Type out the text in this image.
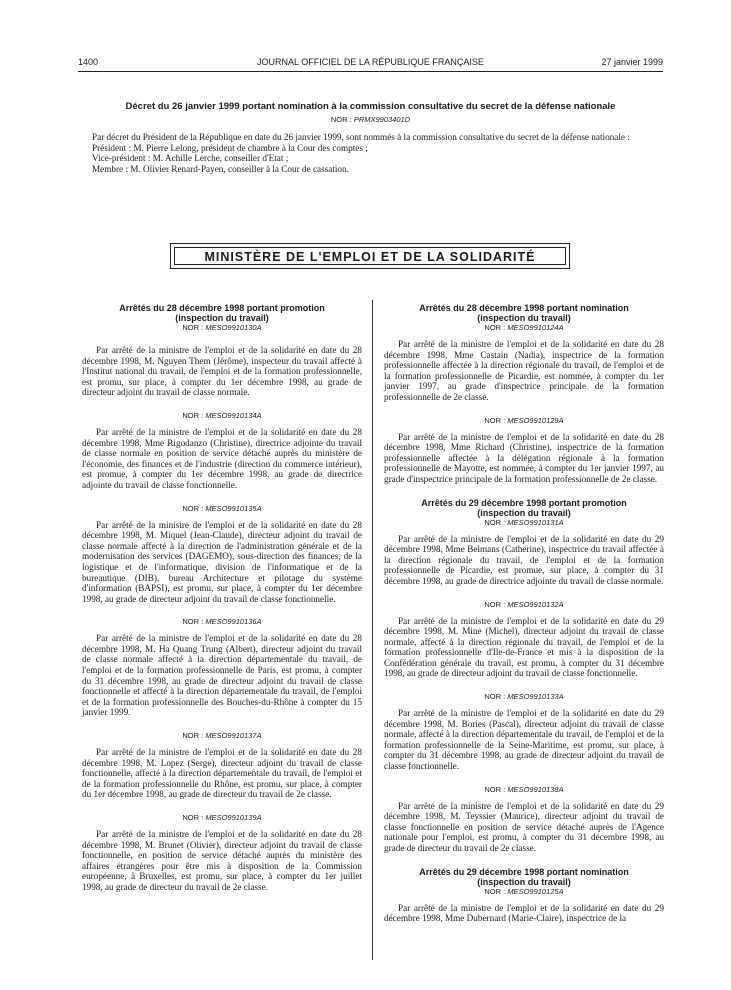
1400	JOURNAL OFFICIEL DE LA RÉPUBLIQUE FRANÇAISE	27 janvier 1999
Décret du 26 janvier 1999 portant nomination à la commission consultative du secret de la défense nationale
NOR : PRMX9903401D

Par décret du Président de la République en date du 26 janvier 1999, sont nommés à la commission consultative du secret de la défense nationale :

Président : M. Pierre Lelong, président de chambre à la Cour des comptes ;

Vice-président : M. Achille Lerche, conseiller d'Etat ;

Membre : M. Olivier Renard-Payen, conseiller à la Cour de cassation.

MINISTÈRE DE L'EMPLOI ET DE LA SOLIDARITÉ

Arrêtés du 28 décembre 1998 portant promotion

(inspection du travail)

NOR : MESO9910130A

Par arrêté de la ministre de l'emploi et de la solidarité en date du 28 décembre 1998, M. Nguyen Them (Jérôme), inspecteur du travail affecté à l'Institut national du travail, de l'emploi et de la formation professionnelle, est promu, sur place, à compter du 1er décembre 1998, au grade de directeur adjoint du travail de classe normale.

NOR : MESO9910134A

Par arrêté de la ministre de l'emploi et de la solidarité en date du 28 décembre 1998, Mme Rigodanzo (Christine), directrice adjointe du travail de classe normale en position de service détaché auprès du ministère de l'économie, des finances et de l'industrie (direction du commerce intérieur), est promue, à compter du 1er décembre 1998, au grade de directrice adjointe du travail de classe fonctionnelle.

NOR : MESO9910135A

Par arrêté de la ministre de l'emploi et de la solidarité en date du 28 décembre 1998, M. Miquel (Jean-Claude), directeur adjoint du travail de classe normale affecté à la direction de l'administration générale et de la modernisation des services (DAGEMO), sous-direction des finances, de la logistique et de l'informatique, division de l'informatique et de la bureautique (DIB), bureau Architecture et pilotage du système d'information (BAPSI), est promu, sur place, à compter du 1er décembre 1998, au grade de directeur adjoint du travail de classe fonctionnelle.

NOR : MESO9910136A

Par arrêté de la ministre de l'emploi et de la solidarité en date du 28 décembre 1998, M. Ha Quang Trung (Albert), directeur adjoint du travail de classe normale affecté à la direction départementale du travail, de l'emploi et de la formation professionnelle de Paris, est promu, à compter du 31 décembre 1998, au grade de directeur adjoint du travail de classe fonctionnelle et affecté à la direction départementale du travail, de l'emploi et de la formation professionnelle des Bouches-du-Rhône à compter du 15 janvier 1999.

NOR : MESO9910137A

Par arrêté de la ministre de l'emploi et de la solidarité en date du 28 décembre 1998, M. Lopez (Serge), directeur adjoint du travail de classe fonctionnelle, affecté à la direction départementale du travail, de l'emploi et de la formation professionnelle du Rhône, est promu, sur place, à compter du 1er décembre 1998, au grade de directeur du travail de 2e classe.

NOR : MESO9910139A

Par arrêté de la ministre de l'emploi et de la solidarité en date du 28 décembre 1998, M. Brunet (Olivier), directeur adjoint du travail de classe fonctionnelle, en position de service détaché auprès du ministère des affaires étrangères pour être mis à disposition de la Commission européenne, à Bruxelles, est promu, sur place, à compter du 1er juillet 1998, au grade de directeur du travail de 2e classe.

Arrêtés du 28 décembre 1998 portant nomination

(inspection du travail)

NOR : MESO9910124A

Par arrêté de la ministre de l'emploi et de la solidarité en date du 28 décembre 1998, Mme Castain (Nadia), inspectrice de la formation professionnelle affectée à la direction régionale du travail, de l'emploi et de la formation professionnelle de Picardie, est nommée, à compter du 1er janvier 1997, au grade d'inspectrice principale de la formation professionnelle de 2e classe.

NOR : MESO9910129A

Par arrêté de la ministre de l'emploi et de la solidarité en date du 28 décembre 1998, Mme Richard (Christine), inspectrice de la formation professionnelle affectée à la délégation régionale à la formation professionnelle de Mayotte, est nommée, à compter du 1er janvier 1997, au grade d'inspectrice principale de la formation professionnelle de 2e classe.

Arrêtés du 29 décembre 1998 portant promotion

(inspection du travail)

NOR : MESO9910131A

Par arrêté de la ministre de l'emploi et de la solidarité en date du 29 décembre 1998, Mme Belmans (Catherine), inspectrice du travail affectée à la direction régionale du travail, de l'emploi et de la formation professionnelle de Picardie, est promue, sur place, à compter du 31 décembre 1998, au grade de directrice adjointe du travail de classe normale.

NOR : MESO9910132A

Par arrêté de la ministre de l'emploi et de la solidarité en date du 29 décembre 1998, M. Mine (Michel), directeur adjoint du travail de classe normale, affecté à la direction régionale du travail, de l'emploi et de la formation professionnelle d'Ile-de-France et mis à la disposition de la Confédération générale du travail, est promu, à compter du 31 décembre 1998, au grade de directeur adjoint du travail de classe fonctionnelle.

NOR : MESO9910133A

Par arrêté de la ministre de l'emploi et de la solidarité en date du 29 décembre 1998, M. Bories (Pascal), directeur adjoint du travail de classe normale, affecté à la direction départementale du travail, de l'emploi et de la formation professionnelle de la Seine-Maritime, est promu, sur place, à compter du 31 décembre 1998, au grade de directeur adjoint du travail de classe fonctionnelle.

NOR : MESO9910138A

Par arrêté de la ministre de l'emploi et de la solidarité en date du 29 décembre 1998, M. Teyssier (Maurice), directeur adjoint du travail de classe fonctionnelle en position de service détaché auprès de l'Agence nationale pour l'emploi, est promu, à compter du 31 décembre 1998, au grade de directeur du travail de 2e classe.

Arrêtés du 29 décembre 1998 portant nomination

(inspection du travail)

NOR : MESO9910125A

Par arrêté de la ministre de l'emploi et de la solidarité en date du 29 décembre 1998, Mme Dubernard (Marie-Claire), inspectrice de la
